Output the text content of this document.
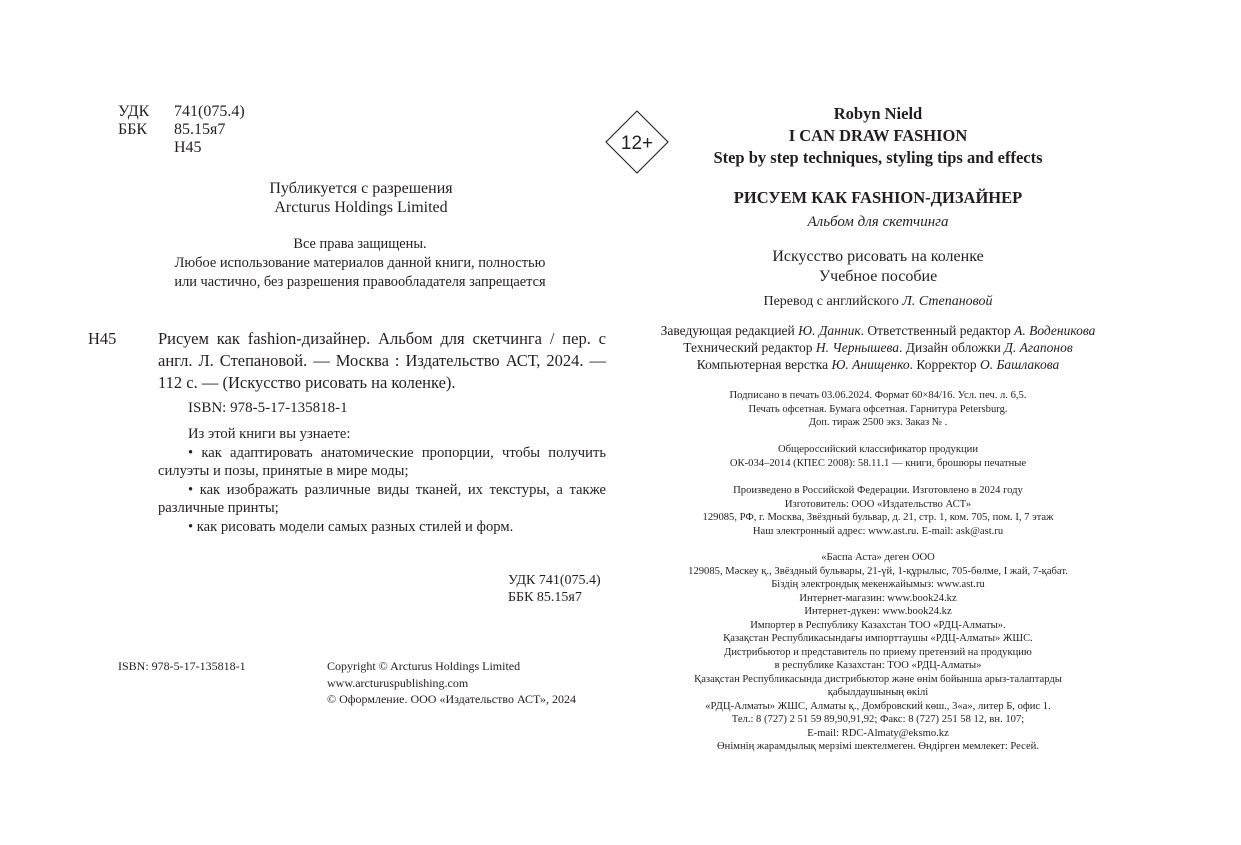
УДК	741(075.4)
ББК	85.15я7
Н45
Публикуется с разрешения
Arcturus Holdings Limited
Все права защищены.
Любое использование материалов данной книги, полностью
или частично, без разрешения правообладателя запрещается
Н45	Рисуем как fashion-дизайнер. Альбом для скетчинга / пер. с англ. Л. Степановой. — Москва : Издательство АСТ, 2024. — 112 с. — (Искусство рисовать на коленке).
ISBN: 978-5-17-135818-1
Из этой книги вы узнаете:
• как адаптировать анатомические пропорции, чтобы получить силуэты и позы, принятые в мире моды;
• как изображать различные виды тканей, их текстуры, а также различные принты;
• как рисовать модели самых разных стилей и форм.
УДК 741(075.4)
ББК 85.15я7
ISBN: 978-5-17-135818-1	Copyright © Arcturus Holdings Limited
www.arcturuspublishing.com
© Оформление. ООО «Издательство АСТ», 2024
12+
Robyn Nield
I CAN DRAW FASHION
Step by step techniques, styling tips and effects
РИСУЕМ КАК FASHION-ДИЗАЙНЕР
Альбом для скетчинга
Искусство рисовать на коленке
Учебное пособие
Перевод с английского Л. Степановой
Заведующая редакцией Ю. Данник. Ответственный редактор А. Воденикова
Технический редактор Н. Чернышева. Дизайн обложки Д. Агапонов
Компьютерная верстка Ю. Анищенко. Корректор О. Башлакова
Подписано в печать 03.06.2024. Формат 60×84/16. Усл. печ. л. 6,5.
Печать офсетная. Бумага офсетная. Гарнитура Petersburg.
Доп. тираж 2500 экз. Заказ № .
Общероссийский классификатор продукции
ОК-034–2014 (КПЕС 2008): 58.11.1 — книги, брошюры печатные
Произведено в Российской Федерации. Изготовлено в 2024 году
Изготовитель: ООО «Издательство АСТ»
129085, РФ, г. Москва, Звёздный бульвар, д. 21, стр. 1, ком. 705, пом. I, 7 этаж
Наш электронный адрес: www.ast.ru. E-mail: ask@ast.ru
«Баспа Аста» деген ООО
129085, Мәскеу қ., Звёздный бульвары, 21-үй, 1-құрылыс, 705-бөлме, I жай, 7-қабат.
Біздің электрондық мекенжайымыз: www.ast.ru
Интернет-магазин: www.book24.kz
Интернет-дүкен: www.book24.kz
Импортер в Республику Казахстан ТОО «РДЦ-Алматы».
Қазақстан Республикасындағы импорттаушы «РДЦ-Алматы» ЖШС.
Дистрибьютор и представитель по приему претензий на продукцию
в республике Казахстан: ТОО «РДЦ-Алматы»
Қазақстан Республикасында дистрибьютор және өнім бойынша арыз-талаптарды
қабылдаушының өкілі
«РДЦ-Алматы» ЖШС, Алматы қ., Домбровский көш., 3«а», литер Б, офис 1.
Тел.: 8 (727) 2 51 59 89,90,91,92; Факс: 8 (727) 251 58 12, вн. 107;
E-mail: RDC-Almaty@eksmo.kz
Өнімнің жарамдылық мерзімі шектелмеген. Өндірген мемлекет: Ресей.
